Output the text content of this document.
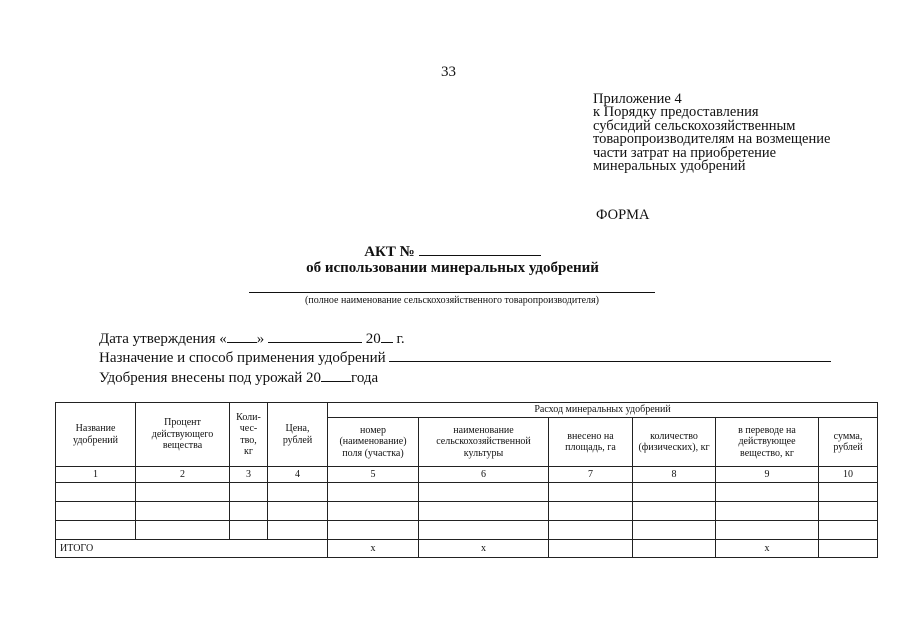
33
Приложение 4
к Порядку предоставления
субсидий сельскохозяйственным
товаропроизводителям на возмещение
части затрат на приобретение
минеральных удобрений
ФОРМА
АКТ №
об использовании минеральных удобрений
(полное наименование сельскохозяйственного товаропроизводителя)
Дата утверждения « »	20 г.
Назначение и способ применения удобрений
Удобрения внесены под урожай 20 года
Название удобрений	Процент действующего вещества	Коли-
чес-
тво,
кг	Цена, рублей	Расход минеральных удобрений					
				номер (наименование) поля (участка)	наименование сельскохозяйственной культуры	внесено на площадь, га	количество (физических), кг	в переводе на действующее вещество, кг	сумма, рублей
1	2	3	4	5	6	7	8	9	10

ИТОГО				х	х			х	
